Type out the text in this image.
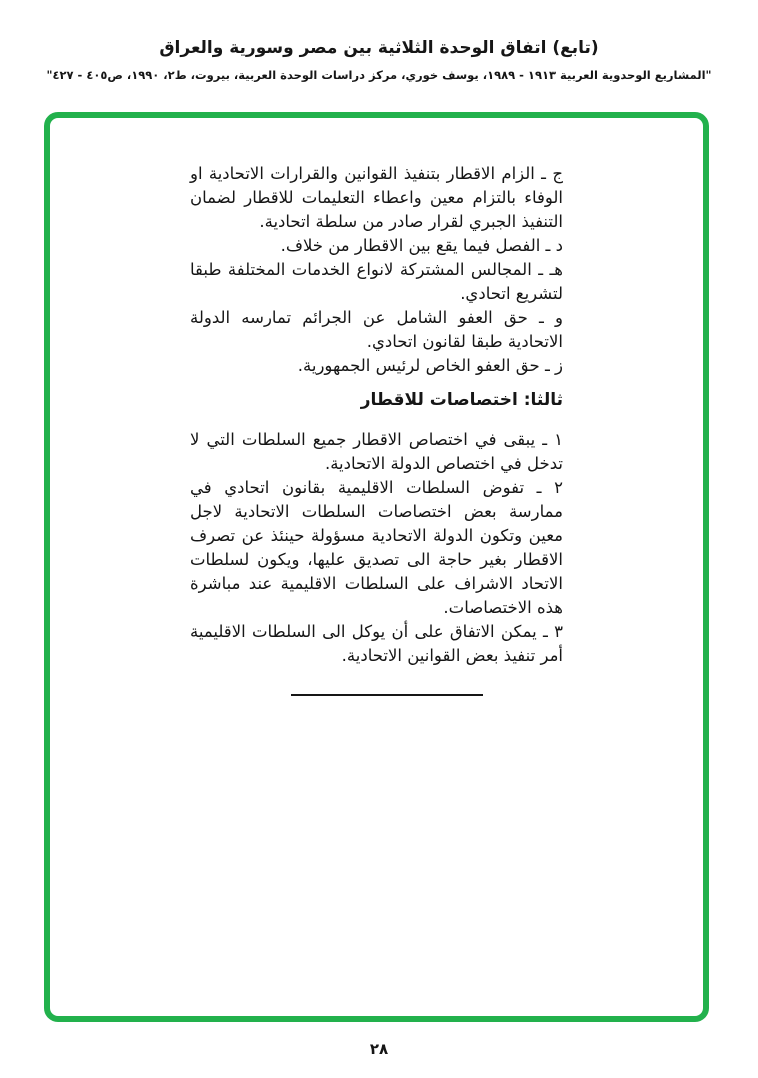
(تابع) اتفاق الوحدة الثلاثية بين مصر وسورية والعراق
"المشاريع الوحدوية العربية ١٩١٣ - ١٩٨٩، يوسف خوري، مركز دراسات الوحدة العربية، بيروت، ط٢، ١٩٩٠، ص٤٠٥ - ٤٢٧"

ج ـ الزام الاقطار بتنفيذ القوانين والقرارات الاتحادية او الوفاء بالتزام معين واعطاء التعليمات للاقطار لضمان التنفيذ الجبري لقرار صادر من سلطة اتحادية.

د ـ الفصل فيما يقع بين الاقطار من خلاف.

هـ ـ المجالس المشتركة لانواع الخدمات المختلفة طبقا لتشريع اتحادي.

و ـ حق العفو الشامل عن الجرائم تمارسه الدولة الاتحادية طبقا لقانون اتحادي.

ز ـ حق العفو الخاص لرئيس الجمهورية.

ثالثا: اختصاصات للاقطار

١ ـ يبقى في اختصاص الاقطار جميع السلطات التي لا تدخل في اختصاص الدولة الاتحادية.

٢ ـ تفوض السلطات الاقليمية بقانون اتحادي في ممارسة بعض اختصاصات السلطات الاتحادية لاجل معين وتكون الدولة الاتحادية مسؤولة حينئذ عن تصرف الاقطار بغير حاجة الى تصديق عليها، ويكون لسلطات الاتحاد الاشراف على السلطات الاقليمية عند مباشرة هذه الاختصاصات.

٣ ـ يمكن الاتفاق على أن يوكل الى السلطات الاقليمية أمر تنفيذ بعض القوانين الاتحادية.

٢٨
